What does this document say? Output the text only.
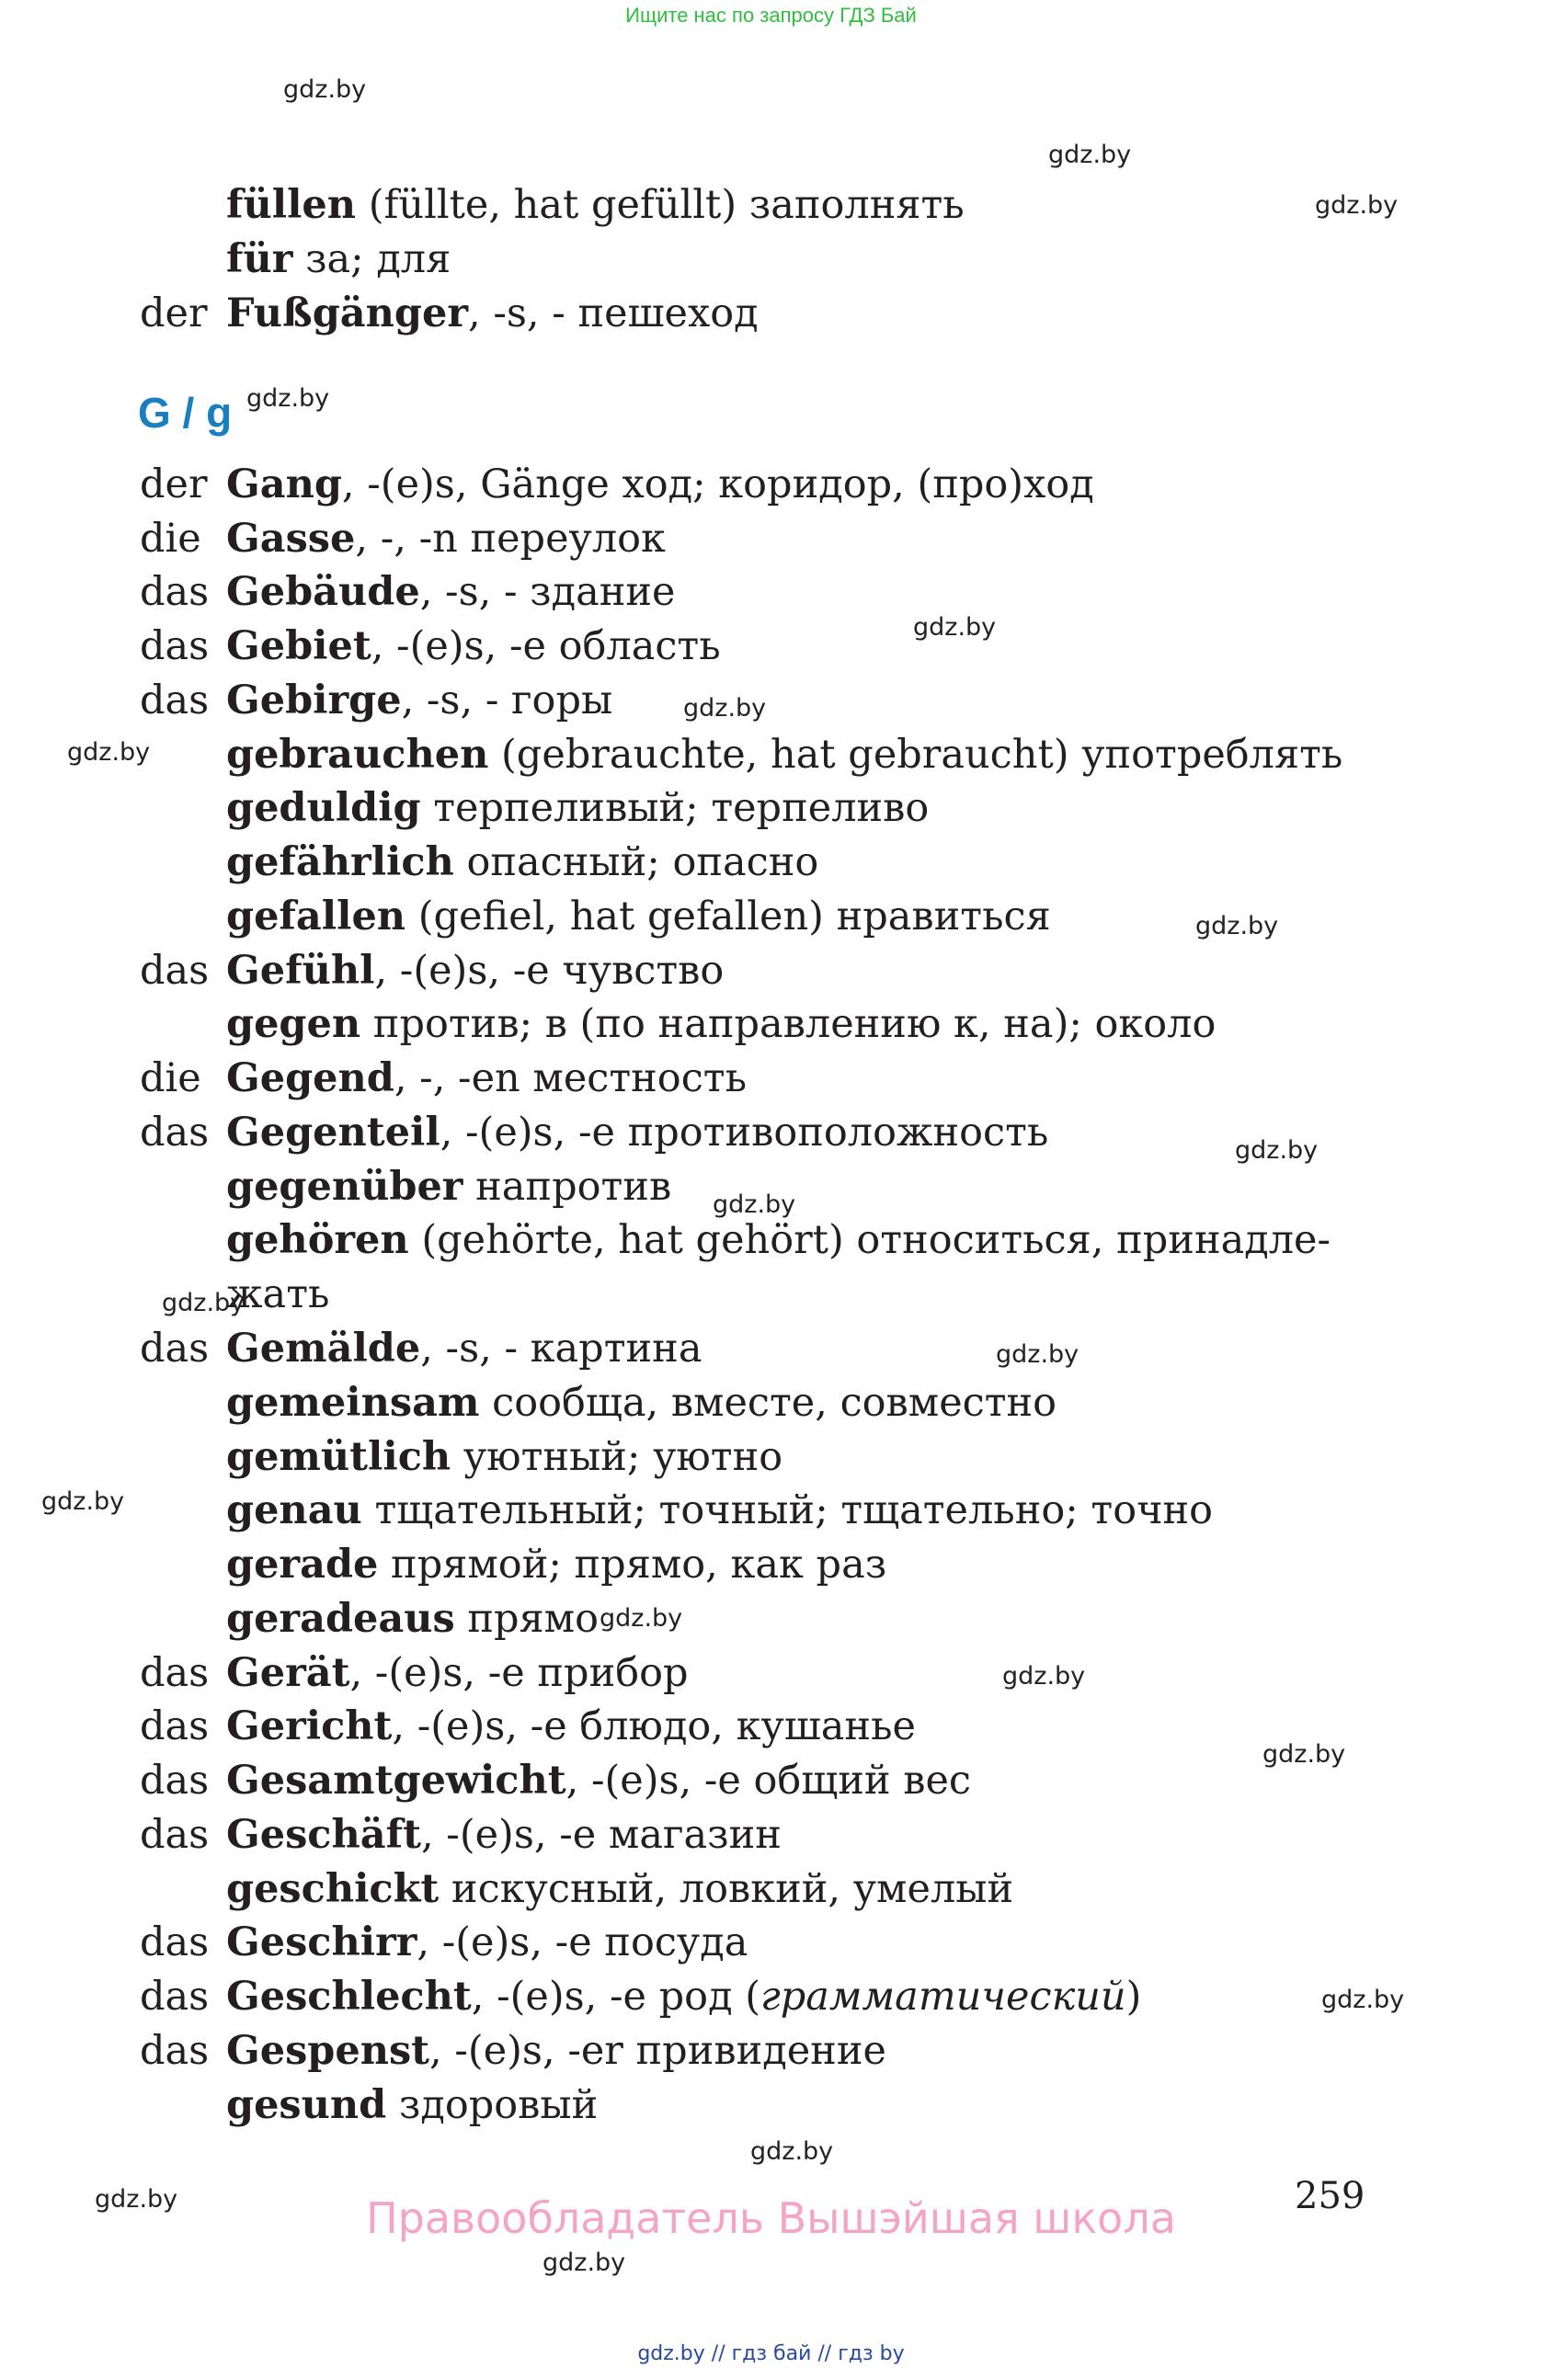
Ищите нас по запросу ГДЗ Бай
füllen (füllte, hat gefüllt) заполнять
für за; для
der Fußgänger, -s, - пешеход
der Gang, -(e)s, Gänge ход; коридор, (про)ход
die Gasse, -, -n переулок
das Gebäude, -s, - здание
das Gebiet, -(e)s, -e область
das Gebirge, -s, - горы
gebrauchen (gebrauchte, hat gebraucht) употреблять
geduldig терпеливый; терпеливо
gefährlich опасный; опасно
gefallen (gefiel, hat gefallen) нравиться
das Gefühl, -(e)s, -e чувство
gegen против; в (по направлению к, на); около
die Gegend, -, -en местность
das Gegenteil, -(e)s, -e противоположность
gegenüber напротив
gehören (gehörte, hat gehört) относиться, принадле-
жать
das Gemälde, -s, - картина
gemeinsam сообща, вместе, совместно
gemütlich уютный; уютно
genau тщательный; точный; тщательно; точно
gerade прямой; прямо, как раз
geradeaus прямо
das Gerät, -(e)s, -e прибор
das Gericht, -(e)s, -e блюдо, кушанье
das Gesamtgewicht, -(e)s, -e общий вес
das Geschäft, -(e)s, -e магазин
geschickt искусный, ловкий, умелый
das Geschirr, -(e)s, -e посуда
das Geschlecht, -(e)s, -e род (грамматический)
das Gespenst, -(e)s, -er привидение
gesund здоровый
G / g
259
Правообладатель Вышэйшая школа
gdz.by // гдз бай // гдз by
gdz.by
gdz.by
gdz.by
gdz.by
gdz.by
gdz.by
gdz.by
gdz.by
gdz.by
gdz.by
gdz.by
gdz.by
gdz.by
gdz.by
gdz.by
gdz.by
gdz.by
gdz.by
gdz.by
gdz.by
